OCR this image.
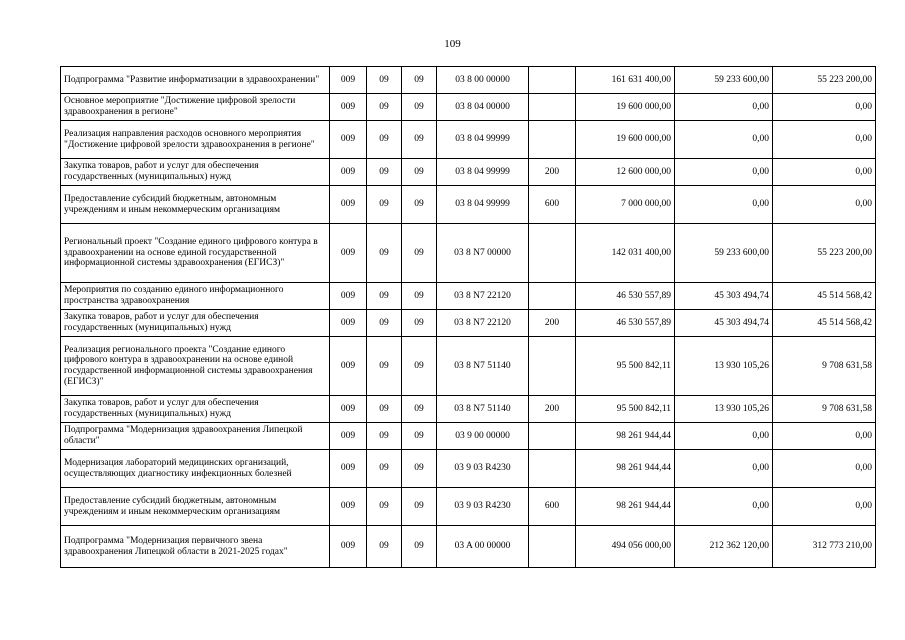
109
Подпрограмма "Развитие информатизации в здравоохранении"	009	09	09	03 8 00 00000		161 631 400,00	59 233 600,00	55 223 200,00
Основное мероприятие "Достижение цифровой зрелости здравоохранения в регионе"	009	09	09	03 8 04 00000		19 600 000,00	0,00	0,00
Реализация направления расходов основного мероприятия "Достижение цифровой зрелости здравоохранения в регионе"	009	09	09	03 8 04 99999		19 600 000,00	0,00	0,00
Закупка товаров, работ и услуг для обеспечения государственных (муниципальных) нужд	009	09	09	03 8 04 99999	200	12 600 000,00	0,00	0,00
Предоставление субсидий бюджетным, автономным учреждениям и иным некоммерческим организациям	009	09	09	03 8 04 99999	600	7 000 000,00	0,00	0,00
Региональный проект "Создание единого цифрового контура в здравоохранении на основе единой государственной информационной системы здравоохранения (ЕГИСЗ)"	009	09	09	03 8 N7 00000		142 031 400,00	59 233 600,00	55 223 200,00
Мероприятия по созданию единого информационного пространства здравоохранения	009	09	09	03 8 N7 22120		46 530 557,89	45 303 494,74	45 514 568,42
Закупка товаров, работ и услуг для обеспечения государственных (муниципальных) нужд	009	09	09	03 8 N7 22120	200	46 530 557,89	45 303 494,74	45 514 568,42
Реализация регионального проекта "Создание единого цифрового контура в здравоохранении на основе единой государственной информационной системы здравоохранения (ЕГИСЗ)"	009	09	09	03 8 N7 51140		95 500 842,11	13 930 105,26	9 708 631,58
Закупка товаров, работ и услуг для обеспечения государственных (муниципальных) нужд	009	09	09	03 8 N7 51140	200	95 500 842,11	13 930 105,26	9 708 631,58
Подпрограмма "Модернизация здравоохранения Липецкой области"	009	09	09	03 9 00 00000		98 261 944,44	0,00	0,00
Модернизация лабораторий медицинских организаций, осуществляющих диагностику инфекционных болезней	009	09	09	03 9 03 R4230		98 261 944,44	0,00	0,00
Предоставление субсидий бюджетным, автономным учреждениям и иным некоммерческим организациям	009	09	09	03 9 03 R4230	600	98 261 944,44	0,00	0,00
Подпрограмма "Модернизация первичного звена здравоохранения Липецкой области в 2021-2025 годах"	009	09	09	03 A 00 00000		494 056 000,00	212 362 120,00	312 773 210,00
